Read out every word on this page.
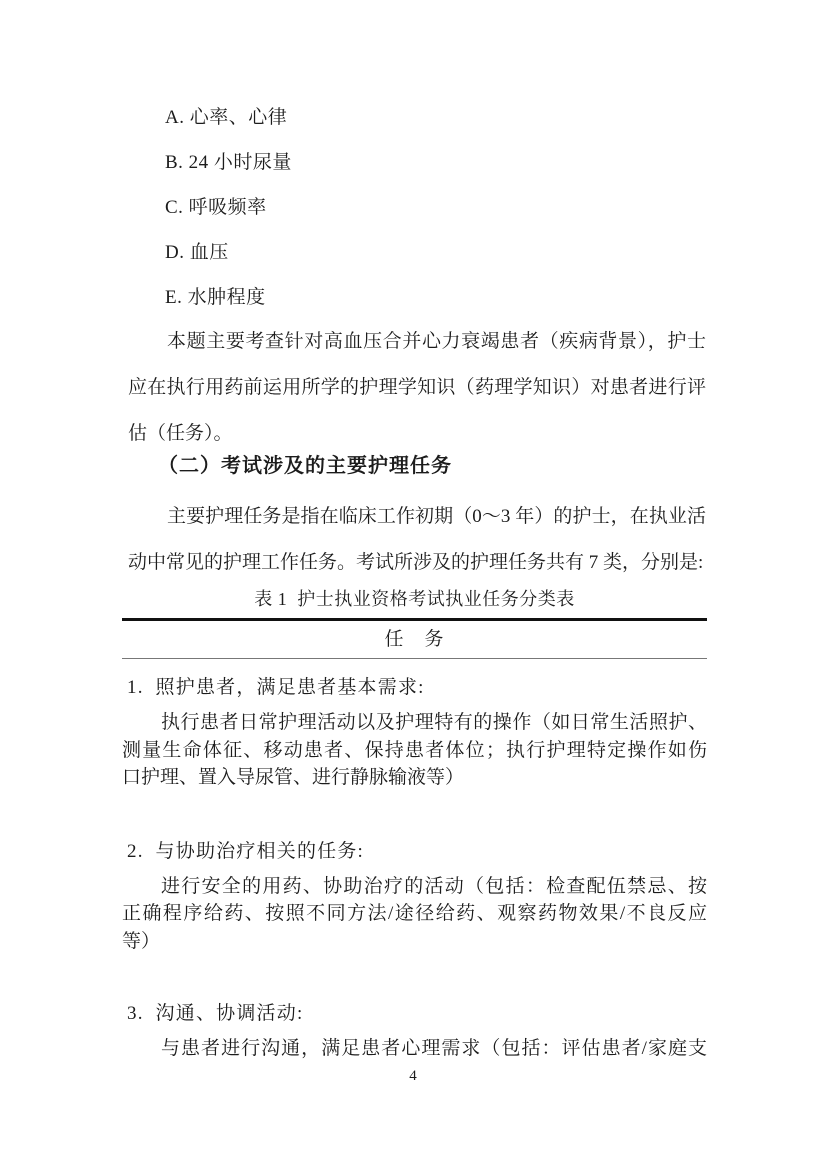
A. 心率、心律
B. 24 小时尿量
C. 呼吸频率
D. 血压
E. 水肿程度
本题主要考查针对高血压合并心力衰竭患者（疾病背景），护士
应在执行用药前运用所学的护理学知识（药理学知识）对患者进行评
估（任务）。
（二）考试涉及的主要护理任务
主要护理任务是指在临床工作初期（0～3 年）的护士，在执业活
动中常见的护理工作任务。考试所涉及的护理任务共有 7 类，分别是:
表 1  护士执业资格考试执业任务分类表
任　务
1.  照护患者，满足患者基本需求:
执行患者日常护理活动以及护理特有的操作（如日常生活照护、
测量生命体征、移动患者、保持患者体位；执行护理特定操作如伤
口护理、置入导尿管、进行静脉输液等）
2.  与协助治疗相关的任务:
进行安全的用药、协助治疗的活动（包括：检查配伍禁忌、按
正确程序给药、按照不同方法/途径给药、观察药物效果/不良反应
等）
3.  沟通、协调活动:
与患者进行沟通，满足患者心理需求（包括：评估患者/家庭支
4
